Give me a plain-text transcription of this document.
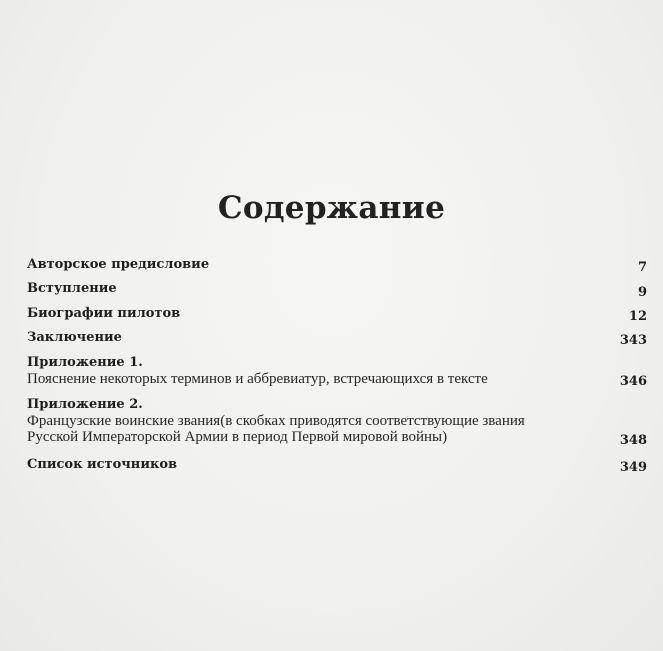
Содержание
Авторское предисловие	7
Вступление	9
Биографии пилотов	12
Заключение	343
Приложение 1.
Пояснение некоторых терминов и аббревиатур, встречающихся в тексте	346
Приложение 2.
Французские воинские звания(в скобках приводятся соответствующие звания
Русской Императорской Армии в период Первой мировой войны)	348
Список источников	349
